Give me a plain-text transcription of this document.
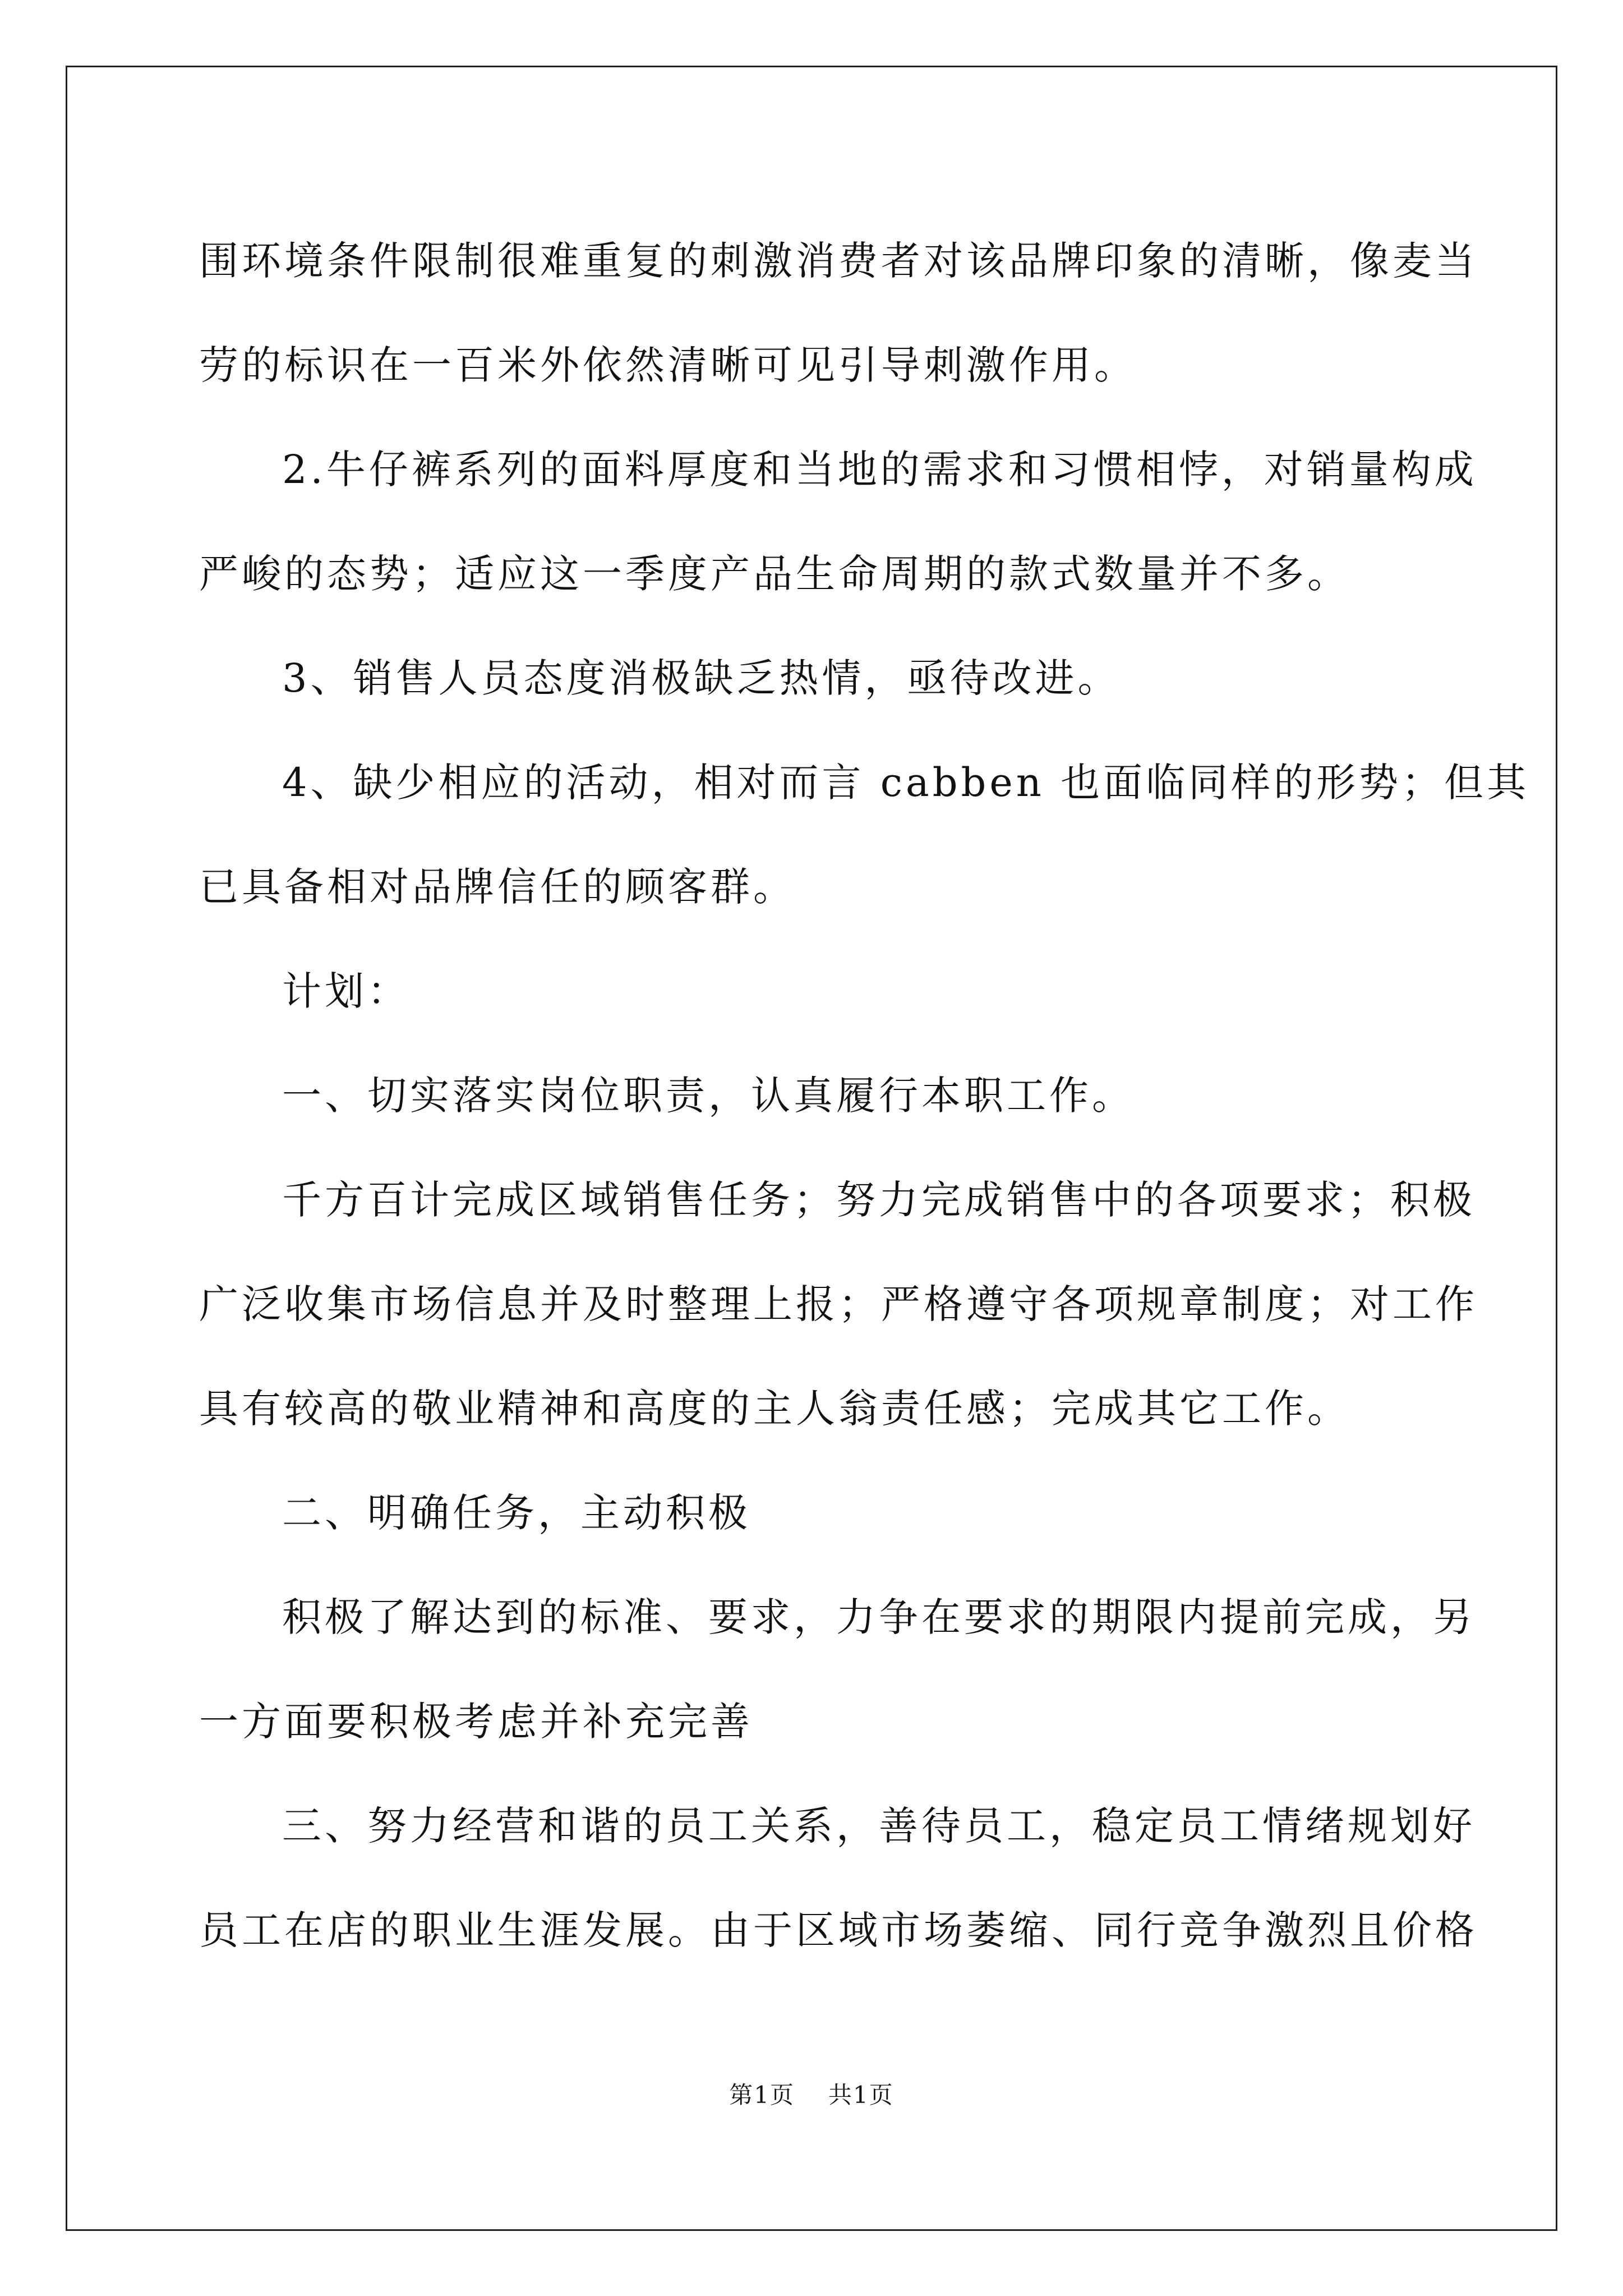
围环境条件限制很难重复的刺激消费者对该品牌印象的清晰，像麦当

劳的标识在一百米外依然清晰可见引导刺激作用。

2.牛仔裤系列的面料厚度和当地的需求和习惯相悖，对销量构成

严峻的态势；适应这一季度产品生命周期的款式数量并不多。

3、销售人员态度消极缺乏热情，亟待改进。

4、缺少相应的活动，相对而言 cabben 也面临同样的形势；但其

已具备相对品牌信任的顾客群。

计划：

一、切实落实岗位职责，认真履行本职工作。

千方百计完成区域销售任务；努力完成销售中的各项要求；积极

广泛收集市场信息并及时整理上报；严格遵守各项规章制度；对工作

具有较高的敬业精神和高度的主人翁责任感；完成其它工作。

二、明确任务，主动积极

积极了解达到的标准、要求，力争在要求的期限内提前完成，另

一方面要积极考虑并补充完善

三、努力经营和谐的员工关系，善待员工，稳定员工情绪规划好

员工在店的职业生涯发展。由于区域市场萎缩、同行竞争激烈且价格

第1页 共1页
